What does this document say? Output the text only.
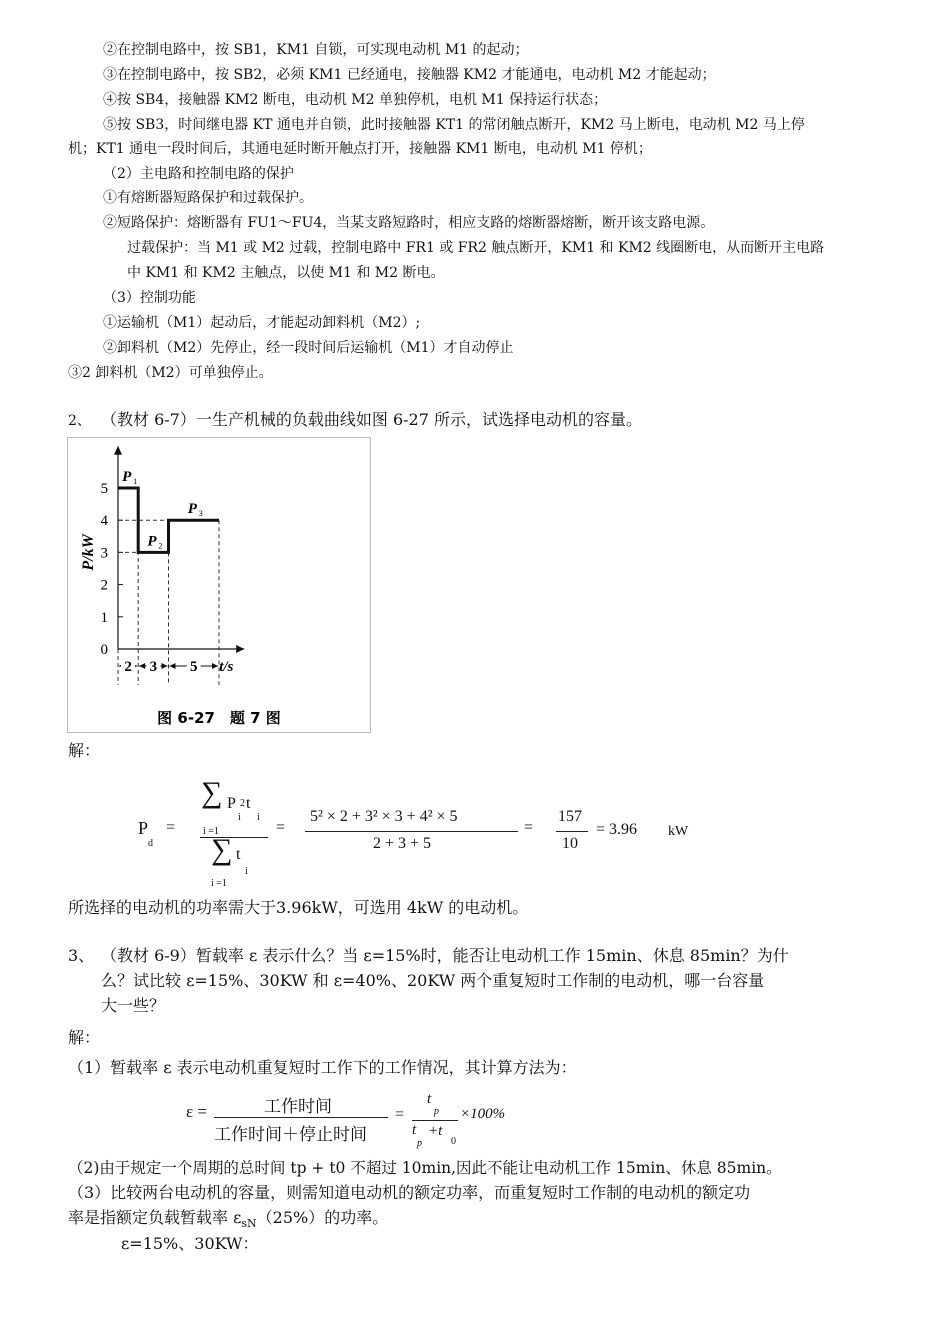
②在控制电路中，按 SB1，KM1 自锁，可实现电动机 M1 的起动；
③在控制电路中，按 SB2，必须 KM1 已经通电，接触器 KM2 才能通电，电动机 M2 才能起动；
④按 SB4，接触器 KM2 断电，电动机 M2 单独停机，电机 M1 保持运行状态；
⑤按 SB3，时间继电器 KT 通电并自锁，此时接触器 KT1 的常闭触点断开，KM2 马上断电，电动机 M2 马上停
机；KT1 通电一段时间后，其通电延时断开触点打开，接触器 KM1 断电，电动机 M1 停机；
（2）主电路和控制电路的保护
①有熔断器短路保护和过载保护。
②短路保护：熔断器有 FU1～FU4，当某支路短路时，相应支路的熔断器熔断，断开该支路电源。
过载保护：当 M1 或 M2 过载，控制电路中 FR1 或 FR2 触点断开，KM1 和 KM2 线圈断电，从而断开主电路
中 KM1 和 KM2 主触点，以使 M1 和 M2 断电。
（3）控制功能
①运输机（M1）起动后，才能起动卸料机（M2）;
②卸料机（M2）先停止，经一段时间后运输机（M1）才自动停止
③2 卸料机（M2）可单独停止。
2、 （教材 6-7）一生产机械的负载曲线如图 6-27 所示，试选择电动机的容量。
0
1
2
3
4
5
P/kW
t/s
P 1
P 2
P 3
2 3 5
图 6-27　题 7 图
解：
P
d
=
∑ P 2 t
i i
i =1
∑ t
i
i =1
=
5² × 2 + 3² × 3 + 4² × 5
2 + 3 + 5
=
157
10
= 3.96 kW
所选择的电动机的功率需大于3.96kW，可选用 4kW 的电动机。
3、 （教材 6-9）暂载率 ε 表示什么？当 ε=15%时，能否让电动机工作 15min、休息 85min？为什
么？试比较 ε=15%、30KW 和 ε=40%、20KW 两个重复短时工作制的电动机，哪一台容量
大一些？
解：
（1）暂载率 ε 表示电动机重复短时工作下的工作情况，其计算方法为：
ε =	工作时间
工作时间＋停止时间
=
t
p
t +t
p	0
×100%
（2)由于规定一个周期的总时间 tp + t0 不超过 10min,因此不能让电动机工作 15min、休息 85min。
（3）比较两台电动机的容量，则需知道电动机的额定功率，而重复短时工作制的电动机的额定功
率是指额定负载暂载率 $\varepsilon_{sN}(25\%)$的功率。
ε=15%、30KW：
